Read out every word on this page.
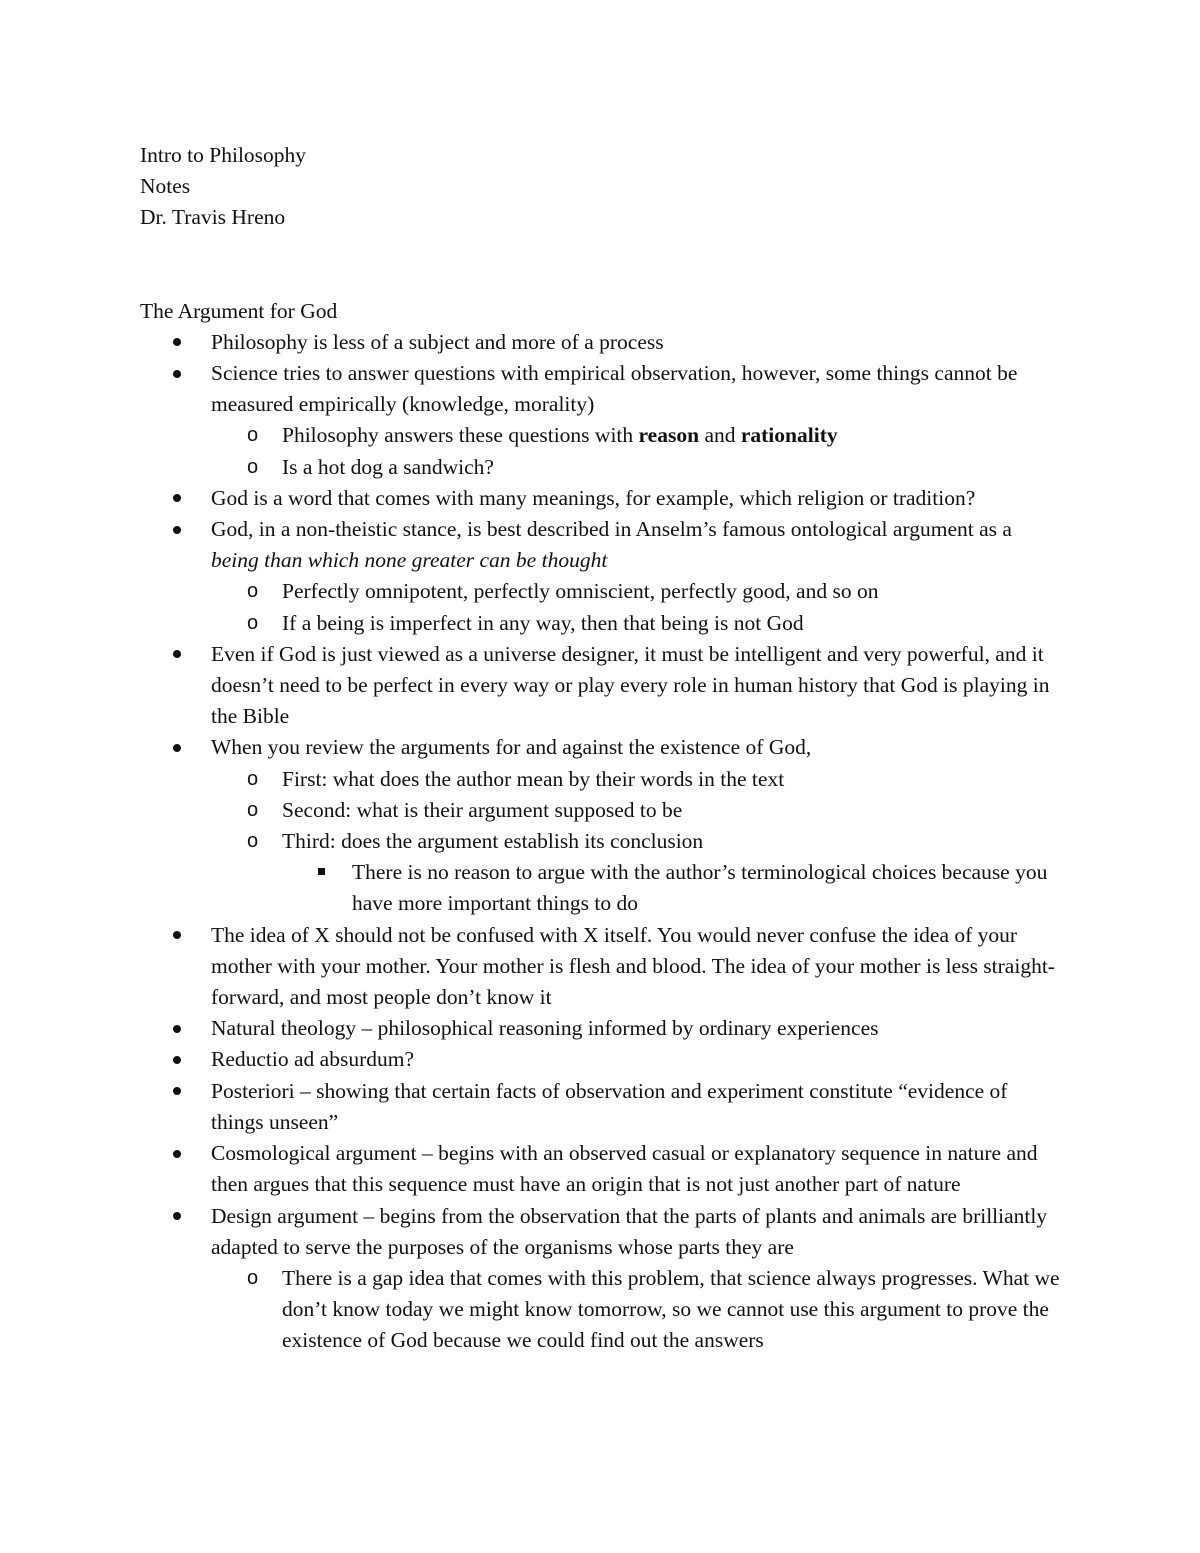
Intro to Philosophy

Notes

Dr. Travis Hreno

The Argument for God

Philosophy is less of a subject and more of a process

Science tries to answer questions with empirical observation, however, some things cannot be measured empirically (knowledge, morality)

o Philosophy answers these questions with reason and rationality

o Is a hot dog a sandwich?

God is a word that comes with many meanings, for example, which religion or tradition?

God, in a non-theistic stance, is best described in Anselm’s famous ontological argument as a being than which none greater can be thought

o Perfectly omnipotent, perfectly omniscient, perfectly good, and so on

o If a being is imperfect in any way, then that being is not God

Even if God is just viewed as a universe designer, it must be intelligent and very powerful, and it doesn’t need to be perfect in every way or play every role in human history that God is playing in the Bible

When you review the arguments for and against the existence of God,

o First: what does the author mean by their words in the text

o Second: what is their argument supposed to be

o Third: does the argument establish its conclusion

There is no reason to argue with the author’s terminological choices because you have more important things to do

The idea of X should not be confused with X itself. You would never confuse the idea of your mother with your mother. Your mother is flesh and blood. The idea of your mother is less straight-forward, and most people don’t know it

Natural theology – philosophical reasoning informed by ordinary experiences

Reductio ad absurdum?

Posteriori – showing that certain facts of observation and experiment constitute “evidence of things unseen”

Cosmological argument – begins with an observed casual or explanatory sequence in nature and then argues that this sequence must have an origin that is not just another part of nature

Design argument – begins from the observation that the parts of plants and animals are brilliantly adapted to serve the purposes of the organisms whose parts they are

o There is a gap idea that comes with this problem, that science always progresses. What we don’t know today we might know tomorrow, so we cannot use this argument to prove the existence of God because we could find out the answers
